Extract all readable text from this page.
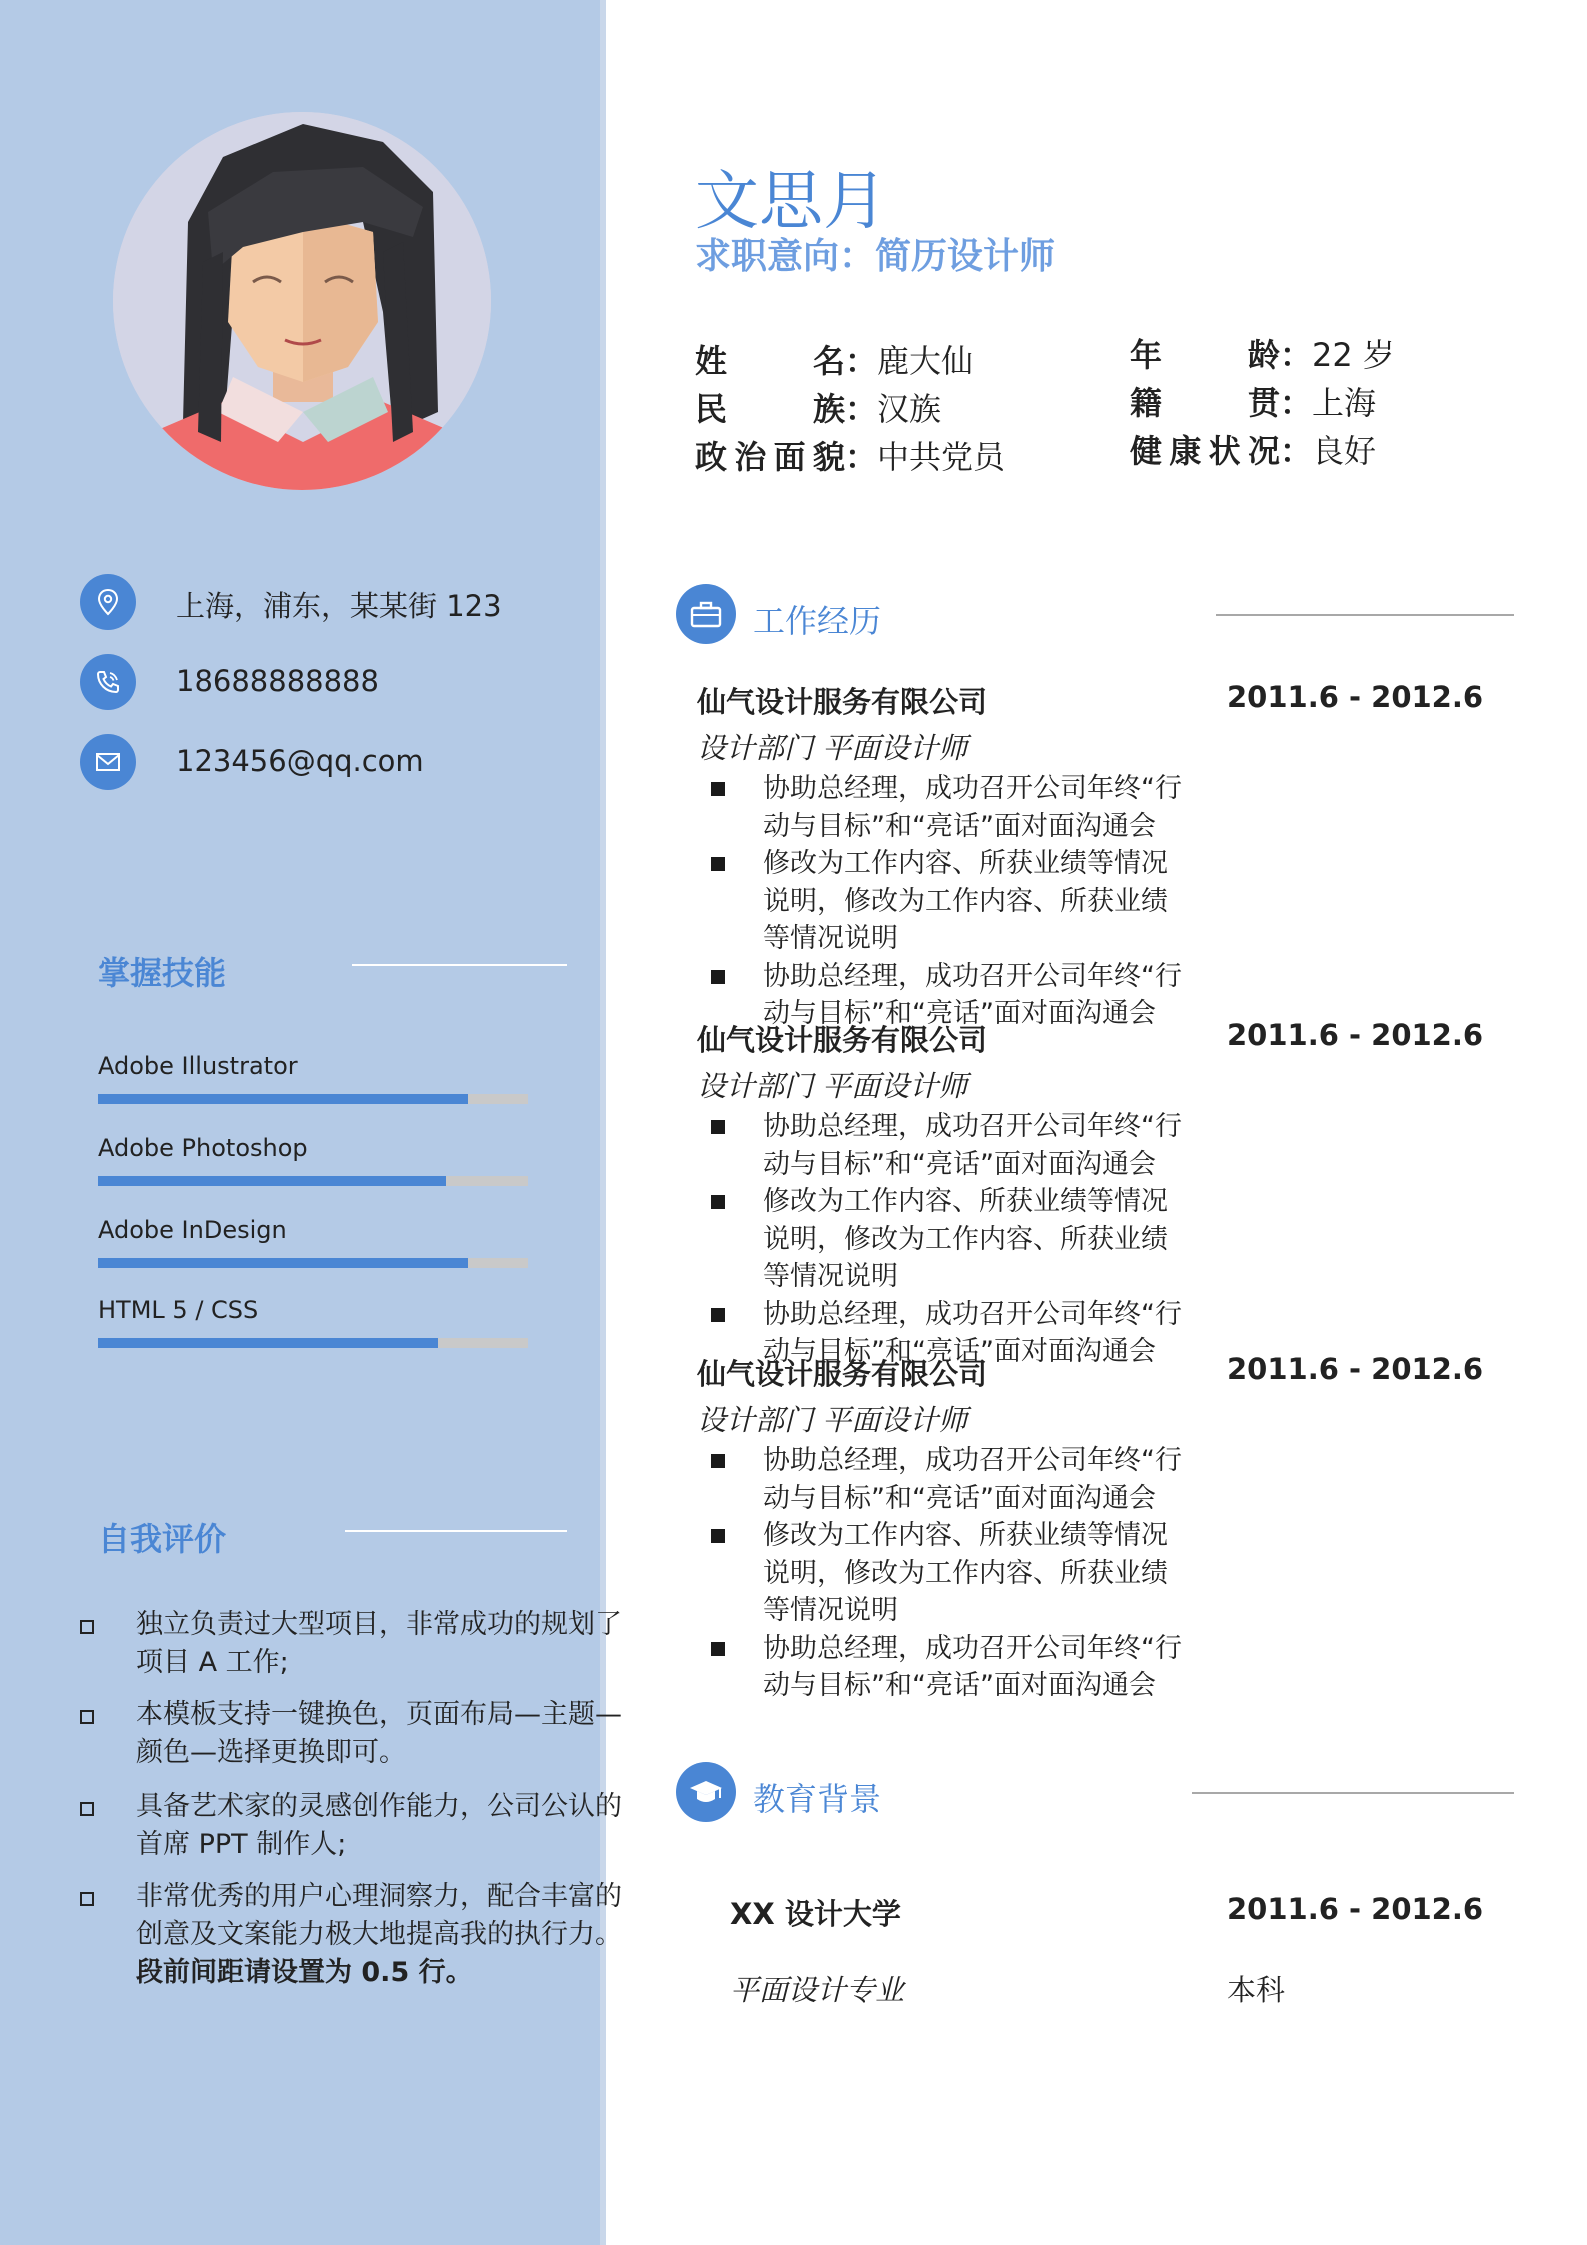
上海，浦东，某某街 123
18688888888
123456@qq.com
掌握技能
Adobe Illustrator
Adobe Photoshop
Adobe InDesign
HTML 5 / CSS
自我评价
独立负责过大型项目，非常成功的规划了项目 A 工作;
本模板支持一键换色，页面布局—主题—颜色—选择更换即可。
具备艺术家的灵感创作能力，公司公认的首席 PPT 制作人;
非常优秀的用户心理洞察力，配合丰富的创意及文案能力极大地提高我的执行力。段前间距请设置为 0.5 行。
文思月
求职意向：简历设计师
姓名：鹿大仙
民族：汉族
政治面貌：中共党员
年龄：22 岁
籍贯：上海
健康状况：良好
工作经历
仙气设计服务有限公司	2011.6 - 2012.6
设计部门 平面设计师
协助总经理，成功召开公司年终“行动与目标”和“亮话”面对面沟通会
修改为工作内容、所获业绩等情况说明，修改为工作内容、所获业绩等情况说明
协助总经理，成功召开公司年终“行动与目标”和“亮话”面对面沟通会
仙气设计服务有限公司	2011.6 - 2012.6
设计部门 平面设计师
协助总经理，成功召开公司年终“行动与目标”和“亮话”面对面沟通会
修改为工作内容、所获业绩等情况说明，修改为工作内容、所获业绩等情况说明
协助总经理，成功召开公司年终“行动与目标”和“亮话”面对面沟通会
仙气设计服务有限公司	2011.6 - 2012.6
设计部门 平面设计师
协助总经理，成功召开公司年终“行动与目标”和“亮话”面对面沟通会
修改为工作内容、所获业绩等情况说明，修改为工作内容、所获业绩等情况说明
协助总经理，成功召开公司年终“行动与目标”和“亮话”面对面沟通会
教育背景
XX 设计大学	2011.6 - 2012.6
平面设计专业	本科
